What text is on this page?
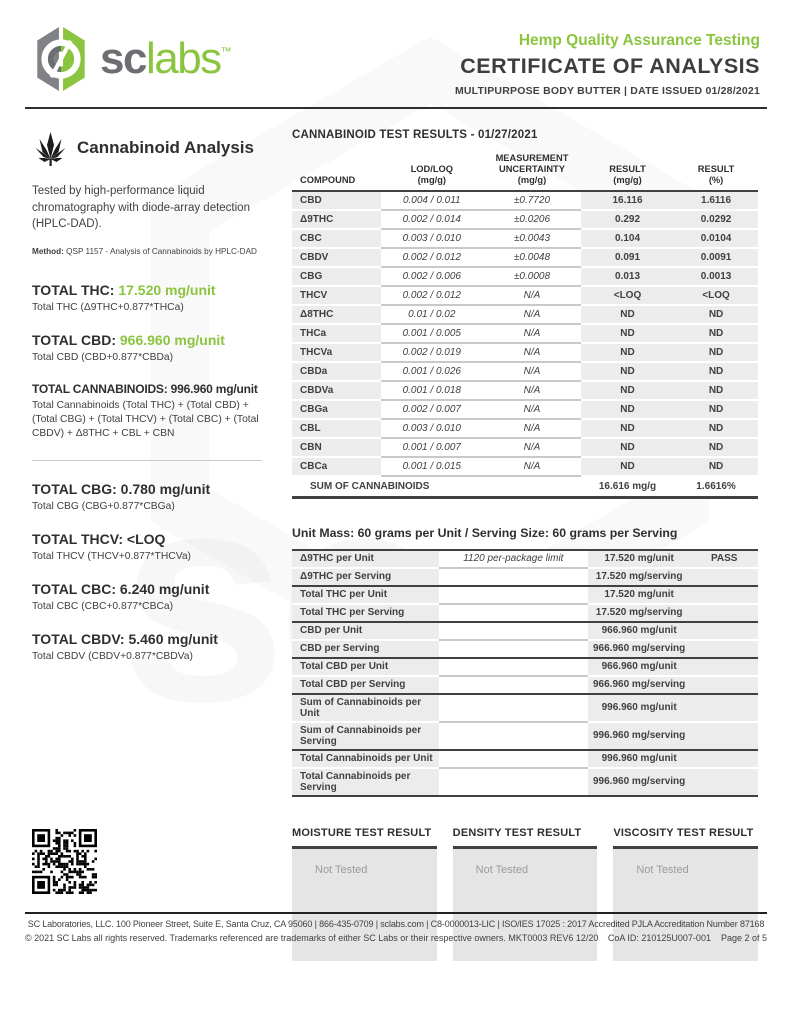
sclabs™
Hemp Quality Assurance Testing
CERTIFICATE OF ANALYSIS
MULTIPURPOSE BODY BUTTER | DATE ISSUED 01/28/2021
Cannabinoid Analysis

Tested by high-performance liquid chromatography with diode-array detection (HPLC-DAD).

Method: QSP 1157 - Analysis of Cannabinoids by HPLC-DAD

TOTAL THC: 17.520 mg/unit
Total THC (Δ9THC+0.877*THCa)
TOTAL CBD: 966.960 mg/unit
Total CBD (CBD+0.877*CBDa)
TOTAL CANNABINOIDS: 996.960 mg/unit
Total Cannabinoids (Total THC) + (Total CBD) + (Total CBG) + (Total THCV) + (Total CBC) + (Total CBDV) + Δ8THC + CBL + CBN
TOTAL CBG: 0.780 mg/unit
Total CBG (CBG+0.877*CBGa)
TOTAL THCV: <LOQ
Total THCV (THCV+0.877*THCVa)
TOTAL CBC: 6.240 mg/unit
Total CBC (CBC+0.877*CBCa)
TOTAL CBDV: 5.460 mg/unit
Total CBDV (CBDV+0.877*CBDVa)
CANNABINOID TEST RESULTS - 01/27/2021
COMPOUND

LOD/LOQ
(mg/g)

MEASUREMENT
UNCERTAINTY (mg/g)

RESULT
(mg/g)

RESULT
(%)

CBD	0.004 / 0.011	±0.7720	16.116	1.6116
Δ9THC	0.002 / 0.014	±0.0206	0.292	0.0292
CBC	0.003 / 0.010	±0.0043	0.104	0.0104
CBDV	0.002 / 0.012	±0.0048	0.091	0.0091
CBG	0.002 / 0.006	±0.0008	0.013	0.0013
THCV	0.002 / 0.012	N/A	<LOQ	<LOQ
Δ8THC	0.01 / 0.02	N/A	ND	ND
THCa	0.001 / 0.005	N/A	ND	ND
THCVa	0.002 / 0.019	N/A	ND	ND
CBDa	0.001 / 0.026	N/A	ND	ND
CBDVa	0.001 / 0.018	N/A	ND	ND
CBGa	0.002 / 0.007	N/A	ND	ND
CBL	0.003 / 0.010	N/A	ND	ND
CBN	0.001 / 0.007	N/A	ND	ND
CBCa	0.001 / 0.015	N/A	ND	ND
SUM OF CANNABINOIDS			16.616 mg/g	1.6616%
Unit Mass: 60 grams per Unit / Serving Size: 60 grams per Serving
Δ9THC per Unit	1120 per-package limit	17.520 mg/unit	PASS
Δ9THC per Serving		17.520 mg/serving	
Total THC per Unit		17.520 mg/unit	
Total THC per Serving		17.520 mg/serving	
CBD per Unit		966.960 mg/unit	
CBD per Serving		966.960 mg/serving	
Total CBD per Unit		966.960 mg/unit	
Total CBD per Serving		966.960 mg/serving	
Sum of Cannabinoids per Unit		996.960 mg/unit	
Sum of Cannabinoids per Serving		996.960 mg/serving	
Total Cannabinoids per Unit		996.960 mg/unit	
Total Cannabinoids per Serving		996.960 mg/serving	
MOISTURE TEST RESULT
Not Tested
DENSITY TEST RESULT
Not Tested
VISCOSITY TEST RESULT
Not Tested
SC Laboratories, LLC. 100 Pioneer Street, Suite E, Santa Cruz, CA 95060 | 866-435-0709 | sclabs.com | C8-0000013-LIC | ISO/IES 17025 : 2017 Accredited PJLA Accreditation Number 87168
© 2021 SC Labs all rights reserved. Trademarks referenced are trademarks of either SC Labs or their respective owners. MKT0003 REV6 12/20 CoA ID: 210125U007-001 Page 2 of 5
